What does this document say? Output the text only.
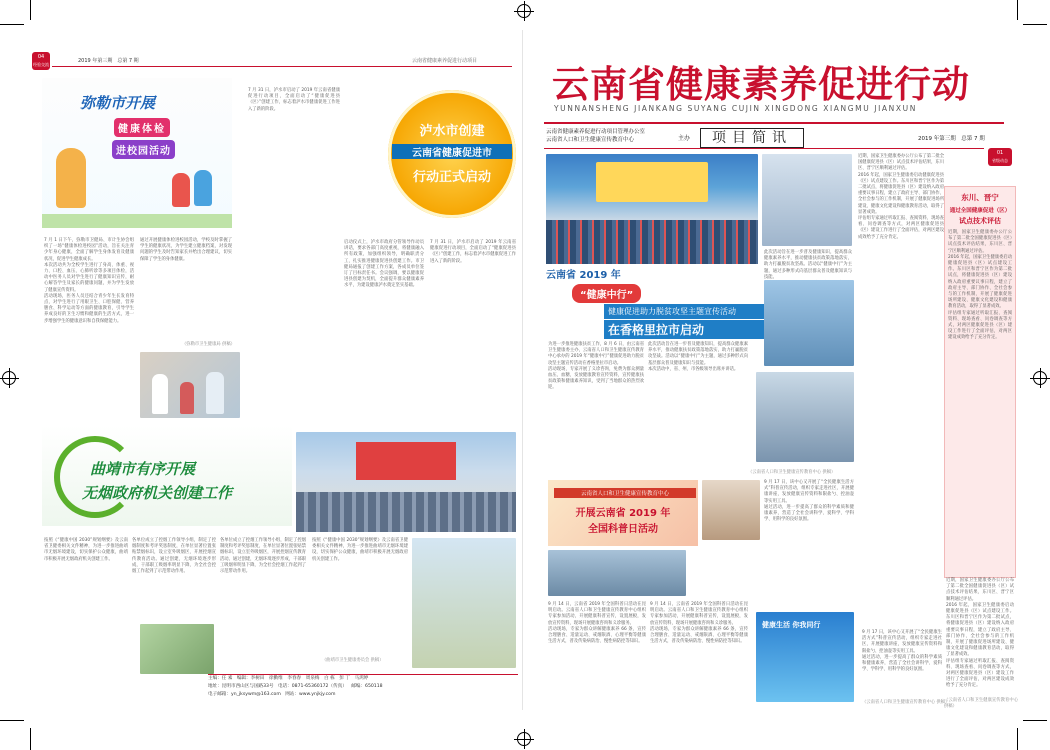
04
经验交流
2019 年第三期　总第 7 期	云南省健康素养促进行动项目
弥勒市开展
健康体检
进校园活动
7 月 1 日下午，弥勒市卫健局、市计生协会组织了一场“健康体检进校园”活动，旨在关注青少年身心健康，全面了解学生身体发育及健康状况，促进学生健康成长。
本次活动共为全校学生进行了身高、体重、视力、口腔、血压、心肺听诊等多项目体检，活动中医务人员对学生进行了健康知识宣传，耐心解答学生及家长的健康问题，并为学生发放了健康宣传资料。
活动现场，医务人员还结合青少年生长发育特点，对学生进行了用眼卫生、口腔保健、营养膳食、科学运动等方面的健康教育，引导学生养成良好的卫生习惯和健康的生活方式，进一步增强学生的健康意识和自我保健能力。
通过开展健康体检进校园活动，学校及时掌握了学生的健康状况，为学生建立健康档案，对发现问题的学生及时告知家长并给出合理建议，切实保障了学生的身体健康。
（弥勒市卫生健康局 供稿）
7 月 31 日，泸水市启动了 2019 年云南省健康促进行动项目，全面启动了“健康促进县（区）”创建工作，标志着泸水市健康促进工作进入了新的阶段。
泸水市创建
云南省健康促进市
行动正式启动
启动仪式上，泸水市政府分管领导作动员讲话，要求各部门高度重视，将健康融入所有政策，加强组织领导，明确职责分工，扎实推进健康促进县创建工作。市卫健局通报了创建工作方案，各成员单位签订了目标责任书。会议强调，要以健康促进县创建为契机，全面提升群众健康素养水平，为建设健康泸水奠定坚实基础。
7 月 31 日，泸水市启动了 2019 年云南省健康促进行动项目，全面启动了“健康促进县（区）”创建工作，标志着泸水市健康促进工作进入了新的阶段。
曲靖市有序开展
无烟政府机关创建工作
按照《“健康中国 2030”规划纲要》及云南省卫健委相关文件精神，为进一步推进曲靖市无烟环境建设，切实保护公众健康，曲靖市积极开展无烟政府机关创建工作。
各单位成立了控烟工作领导小组，制定了控烟制度和考评奖惩制度，在单位显著位置张贴禁烟标识，设立室外吸烟区，开展控烟宣传教育活动。通过创建，无烟环境逐步形成，干部职工吸烟率明显下降，为全社会控烟工作起到了示范带动作用。
各单位成立了控烟工作领导小组，制定了控烟制度和考评奖惩制度，在单位显著位置张贴禁烟标识，设立室外吸烟区，开展控烟宣传教育活动。通过创建，无烟环境逐步形成，干部职工吸烟率明显下降，为全社会控烟工作起到了示范带动作用。
按照《“健康中国 2030”规划纲要》及云南省卫健委相关文件精神，为进一步推进曲靖市无烟环境建设，切实保护公众健康，曲靖市积极开展无烟政府机关创建工作。
（曲靖市卫生健康委员会 供稿）
主编：任 素 编辑：李树田　徐勤维　李春春　周泉梅　白 栋　彭 丁　马鸿婷
地址：昆明市西山区与国路33号 电话：0871-65360172（传真） 邮编：650118
电子邮箱：yn_jksywm@163.com 网站：www.ynjkjy.com
云南省健康素养促进行动
YUNNANSHENG JIANKANG SUYANG CUJIN XINGDONG XIANGMU JIANXUN
云南省健康素养促进行动项目管理办公室
云南省人口和卫生健康宣传教育中心	主办	项目简讯	2019 年第三期　总第 7 期
01
省级动态
云南省 2019 年
“健康中行”
健康促进助力脱贫攻坚主题宣传活动
在香格里拉市启动
此次活动旨在进一步普及健康知识，提高群众健康素养水平，推动健康扶贫政策落地落实，助力打赢脱贫攻坚战。活动以“健康中行”为主题，通过多种形式向基层群众普及健康知识与技能。

为进一步推进健康扶贫工作，8 月 6 日，由云南省卫生健康委主办，云南省人口和卫生健康宣传教育中心承办的 2019 年“健康中行”健康促进助力脱贫攻坚主题宣传活动在香格里拉市启动。
活动现场，专家开展了义诊咨询，免费为群众测量血压、血糖，发放健康教育宣传资料，宣传健康扶贫政策和健康素养知识，受到了当地群众的热烈欢迎。
此次活动旨在进一步普及健康知识，提高群众健康素养水平，推动健康扶贫政策落地落实，助力打赢脱贫攻坚战。活动以“健康中行”为主题，通过多种形式向基层群众普及健康知识与技能。
本次活动中，省、州、市各级领导出席并讲话。
（云南省人口和卫生健康宣传教育中心 供稿）
云南省人口和卫生健康宣传教育中心
开展云南省 2019 年
全国科普日活动
9 月 17 日，该中心又开展了“全民健康生活方式”科普宣传活动，组织专家走进社区，开展健康讲座，发放健康宣传资料和限盐勺、控油壶等实用工具。
通过活动，进一步提高了群众的科学素质和健康素养，营造了全社会讲科学、爱科学、学科学、用科学的良好氛围。
9 月 14 日，云南省 2019 年全国科普日活动在昆明启动。云南省人口和卫生健康宣传教育中心组织专家参加活动，开展健康科普宣传，设置展板，发放宣传资料，现场开展健康咨询和义诊服务。
活动现场，专家为群众讲解健康素养 66 条，宣传合理膳食、适量运动、戒烟限酒、心理平衡等健康生活方式，普及传染病防治、慢性病防控等知识。
9 月 14 日，云南省 2019 年全国科普日活动在昆明启动。云南省人口和卫生健康宣传教育中心组织专家参加活动，开展健康科普宣传，设置展板，发放宣传资料，现场开展健康咨询和义诊服务。
活动现场，专家为群众讲解健康素养 66 条，宣传合理膳食、适量运动、戒烟限酒、心理平衡等健康生活方式，普及传染病防治、慢性病防控等知识。
健康生活 你我同行
9 月 17 日，该中心又开展了“全民健康生活方式”科普宣传活动，组织专家走进社区，开展健康讲座，发放健康宣传资料和限盐勺、控油壶等实用工具。
通过活动，进一步提高了群众的科学素质和健康素养，营造了全社会讲科学、爱科学、学科学、用科学的良好氛围。
（云南省人口和卫生健康宣传教育中心 供稿）
近期，国家卫生健康委办公厅公布了第二批全国健康促进县（区）试点技术评估结果，东川区、晋宁区顺利通过评估。
2016 年起，国家卫生健康委启动健康促进县（区）试点建设工作。东川区和晋宁区作为第二批试点，将健康促进县（区）建设纳入政府重要议事日程，建立了政府主导、部门协作、全社会参与的工作机制，开展了健康促进场所建设、健康文化建设和健康教育活动，取得了显著成效。
评估组专家通过听取汇报、查阅资料、现场查看、问卷调查等方式，对两区健康促进县（区）建设工作进行了全面评估，对两区建设成效给予了充分肯定。
东川、晋宁
通过全国健康促进（区）
试点技术评估
近期，国家卫生健康委办公厅公布了第二批全国健康促进县（区）试点技术评估结果，东川区、晋宁区顺利通过评估。
2016 年起，国家卫生健康委启动健康促进县（区）试点建设工作。东川区和晋宁区作为第二批试点，将健康促进县（区）建设纳入政府重要议事日程，建立了政府主导、部门协作、全社会参与的工作机制，开展了健康促进场所建设、健康文化建设和健康教育活动，取得了显著成效。
评估组专家通过听取汇报、查阅资料、现场查看、问卷调查等方式，对两区健康促进县（区）建设工作进行了全面评估，对两区建设成效给予了充分肯定。
近期，国家卫生健康委办公厅公布了第二批全国健康促进县（区）试点技术评估结果，东川区、晋宁区顺利通过评估。
2016 年起，国家卫生健康委启动健康促进县（区）试点建设工作。东川区和晋宁区作为第二批试点，将健康促进县（区）建设纳入政府重要议事日程，建立了政府主导、部门协作、全社会参与的工作机制，开展了健康促进场所建设、健康文化建设和健康教育活动，取得了显著成效。
评估组专家通过听取汇报、查阅资料、现场查看、问卷调查等方式，对两区健康促进县（区）建设工作进行了全面评估，对两区建设成效给予了充分肯定。
（云南省人口和卫生健康宣传教育中心 供稿）
